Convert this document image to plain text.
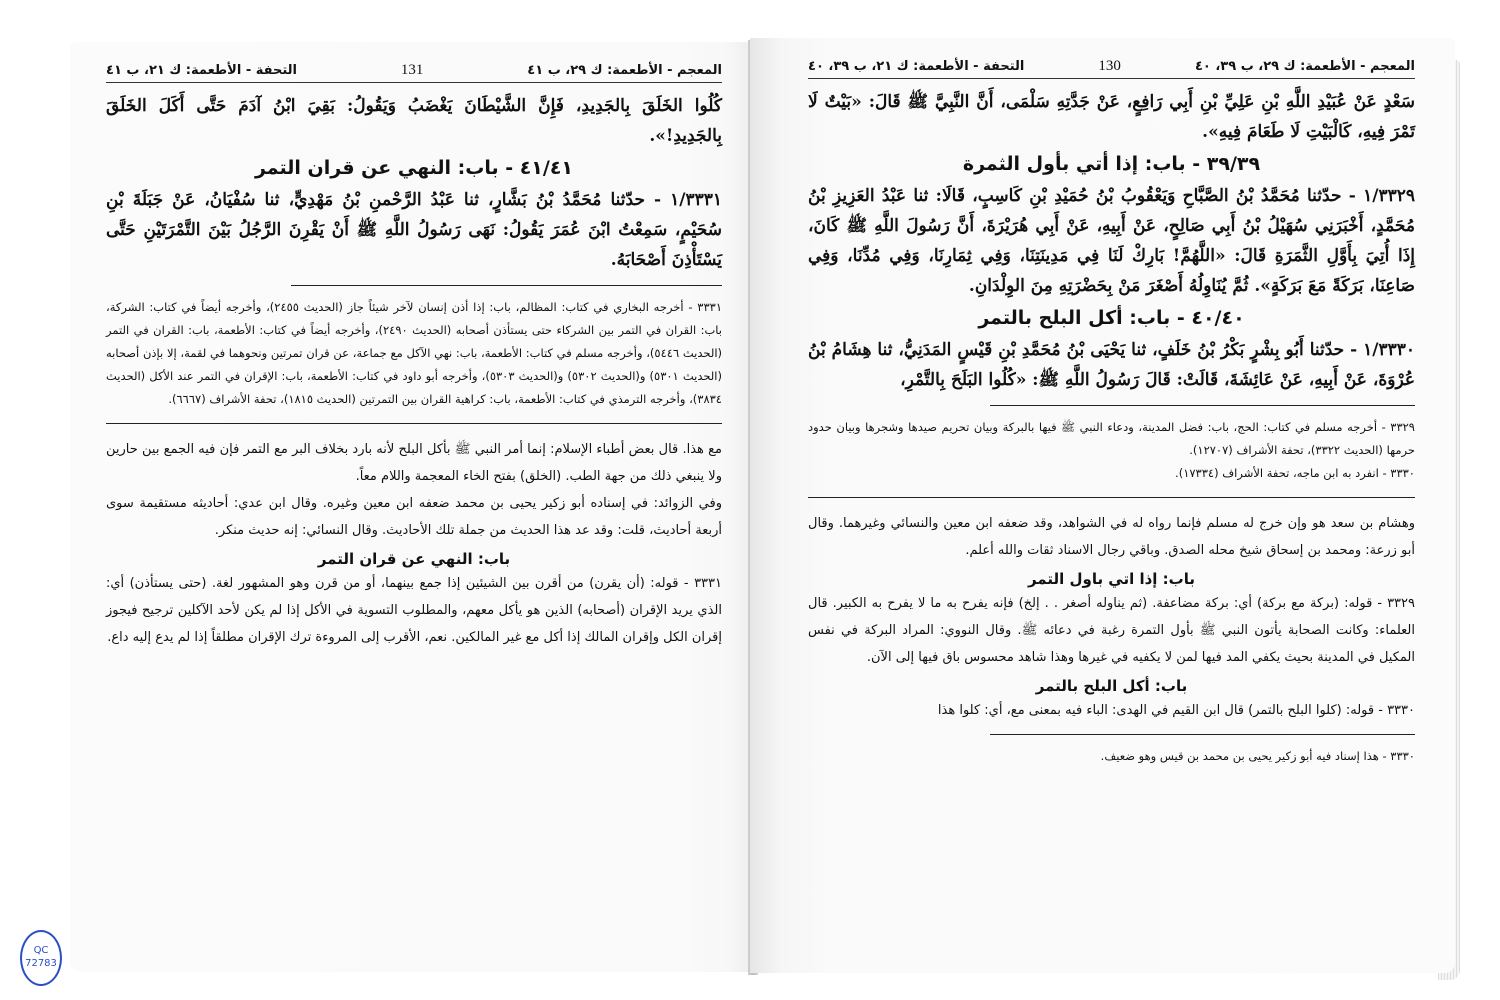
المعجم - الأطعمة: ك ٢٩، ب ٤١
131
التحفة - الأطعمة: ك ٢١، ب ٤١

كُلُوا الخَلَقَ بِالجَدِيدِ، فَإِنَّ الشَّيْطَانَ يَغْضَبُ وَيَقُولُ: بَقِيَ ابْنُ آدَمَ حَتَّى أَكَلَ الخَلَقَ بِالجَدِيدِ!».

٤١/٤١ - باب: النهي عن قران التمر

١/٣٣٣١ - حدّثنا مُحَمَّدُ بْنُ بَشَّارٍ، ثنا عَبْدُ الرَّحْمنِ بْنُ مَهْدِيٍّ، ثنا سُفْيَانُ، عَنْ جَبَلَةَ بْنِ سُحَيْمٍ، سَمِعْتُ ابْنَ عُمَرَ يَقُولُ: نَهَى رَسُولُ اللَّهِ ﷺ أَنْ يَقْرِنَ الرَّجُلُ بَيْنَ التَّمْرَتَيْنِ حَتَّى يَسْتَأْذِنَ أَصْحَابَهُ.

٣٣٣١ - أخرجه البخاري في كتاب: المظالم، باب: إذا أذن إنسان لآخر شيئاً جاز (الحديث ٢٤٥٥)، وأخرجه أيضاً في كتاب: الشركة، باب: القران في التمر بين الشركاء حتى يستأذن أصحابه (الحديث ٢٤٩٠)، وأخرجه أيضاً في كتاب: الأطعمة، باب: القران في التمر (الحديث ٥٤٤٦)، وأخرجه مسلم في كتاب: الأطعمة، باب: نهي الآكل مع جماعة، عن قران تمرتين ونحوهما في لقمة، إلا بإذن أصحابه (الحديث ٥٣٠١) و(الحديث ٥٣٠٢) و(الحديث ٥٣٠٣)، وأخرجه أبو داود في كتاب: الأطعمة، باب: الإقران في التمر عند الأكل (الحديث ٣٨٣٤)، وأخرجه الترمذي في كتاب: الأطعمة، باب: كراهية القران بين التمرتين (الحديث ١٨١٥)، تحفة الأشراف (٦٦٦٧).

مع هذا. قال بعض أطباء الإسلام: إنما أمر النبي ﷺ بأكل البلح لأنه بارد بخلاف البر مع التمر فإن فيه الجمع بين حارين ولا ينبغي ذلك من جهة الطب. (الخلق) بفتح الخاء المعجمة واللام معاً.

وفي الزوائد: في إسناده أبو زكير يحيى بن محمد ضعفه ابن معين وغيره. وقال ابن عدي: أحاديثه مستقيمة سوى أربعة أحاديث، قلت: وقد عد هذا الحديث من جملة تلك الأحاديث. وقال النسائي: إنه حديث منكر.

باب: النهي عن قران التمر

٣٣٣١ - قوله: (أن يقرن) من أقرن بين الشيئين إذا جمع بينهما، أو من قرن وهو المشهور لغة. (حتى يستأذن) أي: الذي يريد الإقران (أصحابه) الذين هو يأكل معهم، والمطلوب التسوية في الأكل إذا لم يكن لأحد الآكلين ترجيح فيجوز إقران الكل وإقران المالك إذا أكل مع غير المالكين. نعم، الأقرب إلى المروءة ترك الإقران مطلقاً إذا لم يدع إليه داع.

المعجم - الأطعمة: ك ٢٩، ب ٣٩، ٤٠
130
التحفة - الأطعمة: ك ٢١، ب ٣٩، ٤٠

سَعْدٍ عَنْ عُبَيْدِ اللَّهِ بْنِ عَلِيِّ بْنِ أَبِي رَافِعٍ، عَنْ جَدَّتِهِ سَلْمَى، أَنَّ النَّبِيَّ ﷺ قَالَ: «بَيْتٌ لَا تَمْرَ فِيهِ، كَالْبَيْتِ لَا طَعَامَ فِيهِ».

٣٩/٣٩ - باب: إذا أتي بأول الثمرة

١/٣٣٢٩ - حدّثنا مُحَمَّدُ بْنُ الصَّبَّاحِ وَيَعْقُوبُ بْنُ حُمَيْدِ بْنِ كَاسِبٍ، قَالَا: ثنا عَبْدُ العَزِيزِ بْنُ مُحَمَّدٍ، أَخْبَرَنِي سُهَيْلُ بْنُ أَبِي صَالِحٍ، عَنْ أَبِيهِ، عَنْ أَبِي هُرَيْرَةَ، أَنَّ رَسُولَ اللَّهِ ﷺ كَانَ، إِذَا أُتِيَ بِأَوَّلِ الثَّمَرَةِ قَالَ: «اللَّهُمَّ! بَارِكْ لَنَا فِي مَدِينَتِنَا، وَفِي ثِمَارِنَا، وَفِي مُدِّنَا، وَفِي صَاعِنَا، بَرَكَةً مَعَ بَرَكَةٍ». ثُمَّ يُنَاوِلُهُ أَصْغَرَ مَنْ بِحَضْرَتِهِ مِنَ الوِلْدَانِ.

٤٠/٤٠ - باب: أكل البلح بالتمر

١/٣٣٣٠ - حدّثنا أَبُو بِشْرٍ بَكْرُ بْنُ خَلَفٍ، ثنا يَحْيَى بْنُ مُحَمَّدِ بْنِ قَيْسٍ المَدَنِيُّ، ثنا هِشَامُ بْنُ عُرْوَةَ، عَنْ أَبِيهِ، عَنْ عَائِشَةَ، قَالَتْ: قَالَ رَسُولُ اللَّهِ ﷺ: «كُلُوا البَلَحَ بِالتَّمْرِ،

٣٣٢٩ - أخرجه مسلم في كتاب: الحج، باب: فضل المدينة، ودعاء النبي ﷺ فيها بالبركة وبيان تحريم صيدها وشجرها وبيان حدود حرمها (الحديث ٣٣٢٢)، تحفة الأشراف (١٢٧٠٧).

٣٣٣٠ - انفرد به ابن ماجه، تحفة الأشراف (١٧٣٣٤).

وهشام بن سعد هو وإن خرج له مسلم فإنما رواه له في الشواهد، وقد ضعفه ابن معين والنسائي وغيرهما. وقال أبو زرعة: ومحمد بن إسحاق شيخ محله الصدق. وباقي رجال الاسناد ثقات والله أعلم.

باب: إذا اتي باول التمر

٣٣٢٩ - قوله: (بركة مع بركة) أي: بركة مضاعفة. (ثم يناوله أصغر . . إلخ) فإنه يفرح به ما لا يفرح به الكبير. قال العلماء: وكانت الصحابة يأتون النبي ﷺ بأول التمرة رغبة في دعائه ﷺ. وقال النووي: المراد البركة في نفس المكيل في المدينة بحيث يكفي المد فيها لمن لا يكفيه في غيرها وهذا شاهد محسوس باق فيها إلى الآن.

باب: أكل البلح بالتمر

٣٣٣٠ - قوله: (كلوا البلح بالتمر) قال ابن القيم في الهدى: الباء فيه بمعنى مع، أي: كلوا هذا

٣٣٣٠ - هذا إسناد فيه أبو زكير يحيى بن محمد بن قيس وهو ضعيف.

QC
72783
